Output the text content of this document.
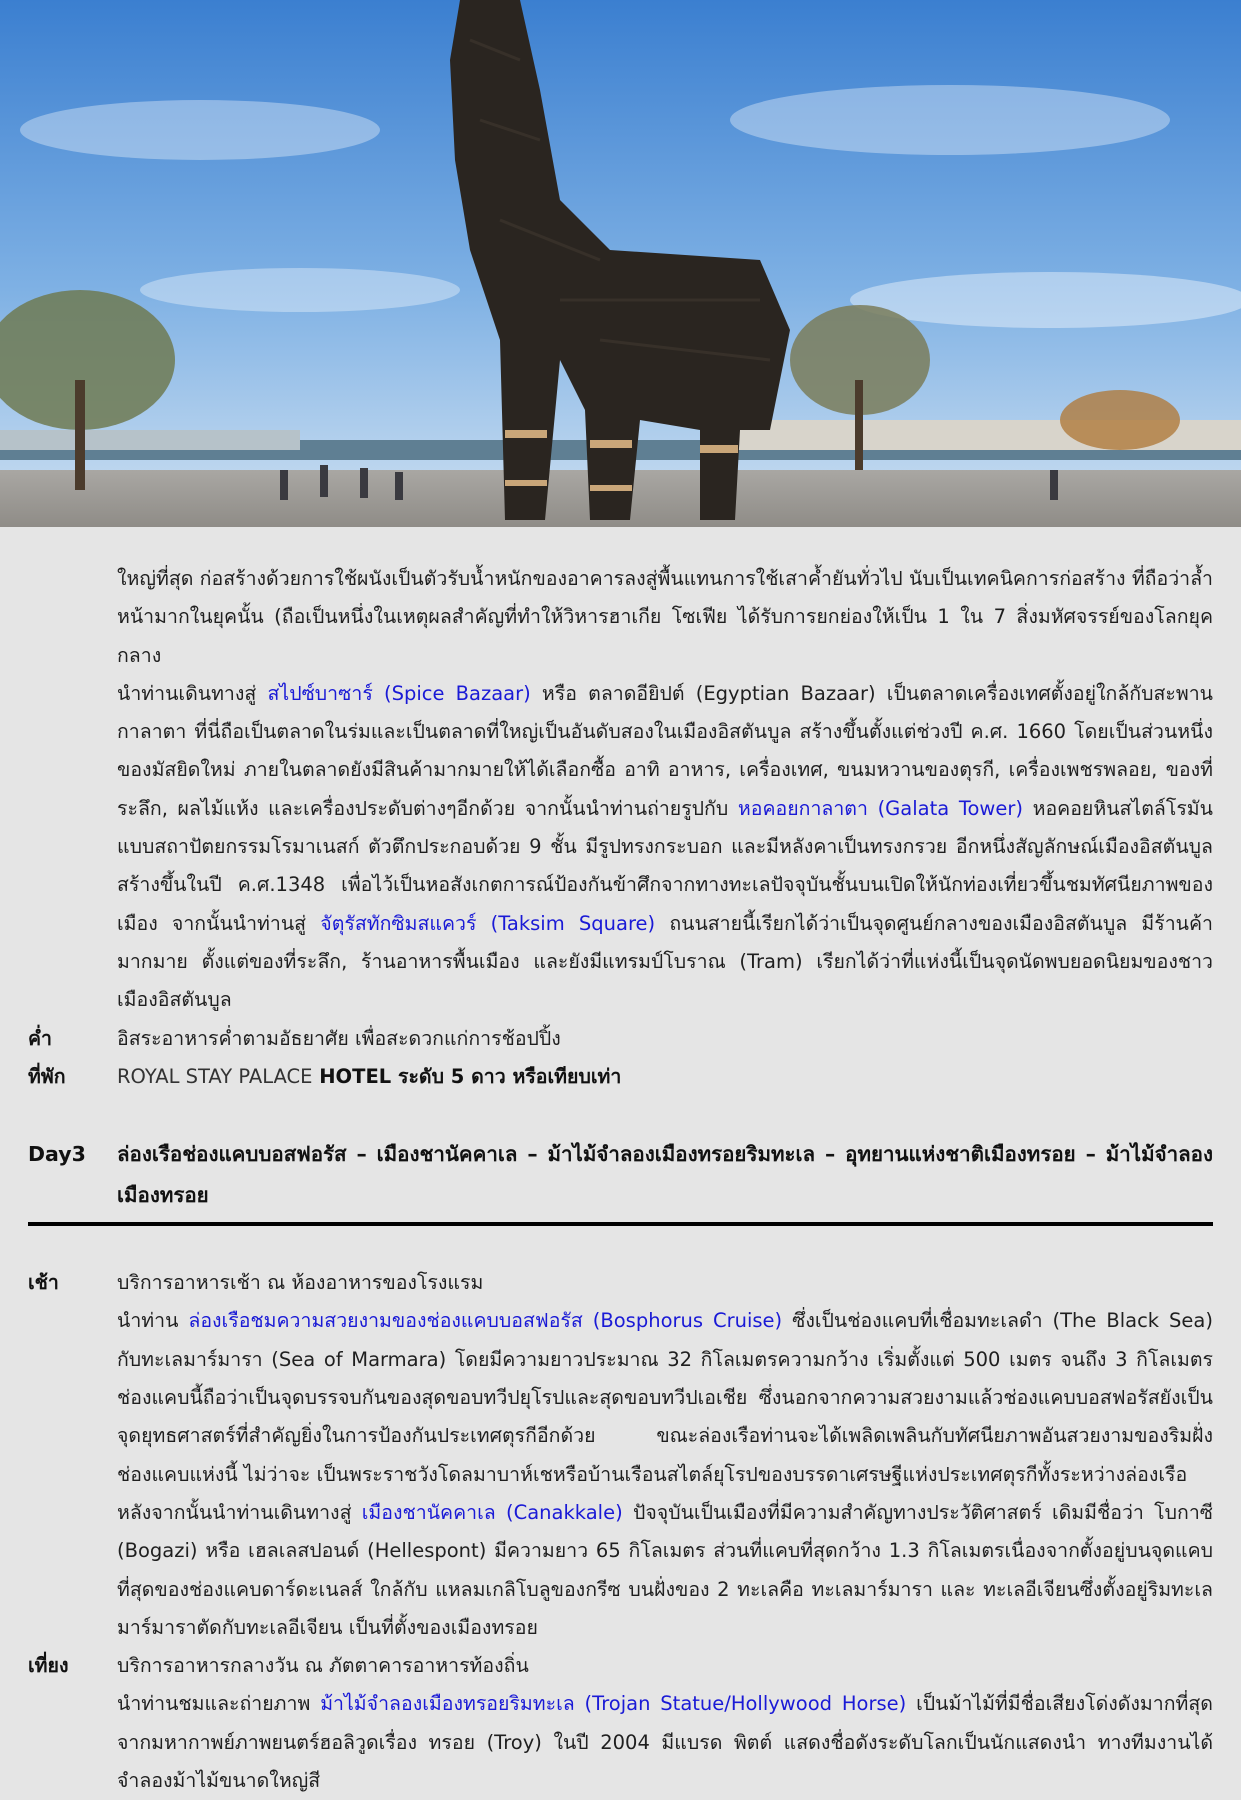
ใหญ่ที่สุด ก่อสร้างด้วยการใช้ผนังเป็นตัวรับน้ำหนักของอาคารลงสู่พื้นแทนการใช้เสาค้ำยันทั่วไป นับเป็นเทคนิคการก่อสร้าง ที่ถือว่าล้ำหน้ามากในยุคนั้น (ถือเป็นหนึ่งในเหตุผลสำคัญที่ทำให้วิหารฮาเกีย โซเฟีย ได้รับการยกย่องให้เป็น 1 ใน 7 สิ่งมหัศจรรย์ของโลกยุคกลาง
นำท่านเดินทางสู่ สไปซ์บาซาร์ (Spice Bazaar) หรือ ตลาดอียิปต์ (Egyptian Bazaar) เป็นตลาดเครื่องเทศตั้งอยู่ใกล้กับสะพานกาลาตา ที่นี่ถือเป็นตลาดในร่มและเป็นตลาดที่ใหญ่เป็นอันดับสองในเมืองอิสตันบูล สร้างขึ้นตั้งแต่ช่วงปี ค.ศ. 1660 โดยเป็นส่วนหนึ่งของมัสยิดใหม่ ภายในตลาดยังมีสินค้ามากมายให้ได้เลือกซื้อ อาทิ อาหาร, เครื่องเทศ, ขนมหวานของตุรกี, เครื่องเพชรพลอย, ของที่ระลึก, ผลไม้แห้ง และเครื่องประดับต่างๆอีกด้วย จากนั้นนำท่านถ่ายรูปกับ หอคอยกาลาตา (Galata Tower) หอคอยหินสไตล์โรมัน แบบสถาปัตยกรรมโรมาเนสก์ ตัวตึกประกอบด้วย 9 ชั้น มีรูปทรงกระบอก และมีหลังคาเป็นทรงกรวย อีกหนึ่งสัญลักษณ์เมืองอิสตันบูล สร้างขึ้นในปี ค.ศ.1348 เพื่อไว้เป็นหอสังเกตการณ์ป้องกันข้าศึกจากทางทะเลปัจจุบันชั้นบนเปิดให้นักท่องเที่ยวขึ้นชมทัศนียภาพของเมือง จากนั้นนำท่านสู่ จัตุรัสทักซิมสแควร์ (Taksim Square) ถนนสายนี้เรียกได้ว่าเป็นจุดศูนย์กลางของเมืองอิสตันบูล มีร้านค้ามากมาย ตั้งแต่ของที่ระลึก, ร้านอาหารพื้นเมือง และยังมีแทรมป์โบราณ (Tram) เรียกได้ว่าที่แห่งนี้เป็นจุดนัดพบยอดนิยมของชาวเมืองอิสตันบูล
ค่ำ	อิสระอาหารค่ำตามอัธยาศัย เพื่อสะดวกแก่การช้อปปิ้ง
ที่พัก	ROYAL STAY PALACE HOTEL ระดับ 5 ดาว หรือเทียบเท่า
Day3	ล่องเรือช่องแคบบอสฟอรัส – เมืองชานัคคาเล – ม้าไม้จำลองเมืองทรอยริมทะเล – อุทยานแห่งชาติเมืองทรอย – ม้าไม้จำลองเมืองทรอย
เช้า	บริการอาหารเช้า ณ ห้องอาหารของโรงแรม
นำท่าน ล่องเรือชมความสวยงามของช่องแคบบอสฟอรัส (Bosphorus Cruise) ซึ่งเป็นช่องแคบที่เชื่อมทะเลดำ (The Black Sea) กับทะเลมาร์มารา (Sea of Marmara) โดยมีความยาวประมาณ 32 กิโลเมตรความกว้าง เริ่มตั้งแต่ 500 เมตร จนถึง 3 กิโลเมตร ช่องแคบนี้ถือว่าเป็นจุดบรรจบกันของสุดขอบทวีปยุโรปและสุดขอบทวีปเอเชีย ซึ่งนอกจากความสวยงามแล้วช่องแคบบอสฟอรัสยังเป็นจุดยุทธศาสตร์ที่สำคัญยิ่งในการป้องกันประเทศตุรกีอีกด้วย ขณะล่องเรือท่านจะได้เพลิดเพลินกับทัศนียภาพอันสวยงามของริมฝั่งช่องแคบแห่งนี้ ไม่ว่าจะ เป็นพระราชวังโดลมาบาห์เชหรือบ้านเรือนสไตล์ยุโรปของบรรดาเศรษฐีแห่งประเทศตุรกีทั้งระหว่างล่องเรือ
หลังจากนั้นนำท่านเดินทางสู่ เมืองชานัคคาเล (Canakkale) ปัจจุบันเป็นเมืองที่มีความสำคัญทางประวัติศาสตร์ เดิมมีชื่อว่า โบกาซี (Bogazi) หรือ เฮลเลสปอนด์ (Hellespont) มีความยาว 65 กิโลเมตร ส่วนที่แคบที่สุดกว้าง 1.3 กิโลเมตรเนื่องจากตั้งอยู่บนจุดแคบที่สุดของช่องแคบดาร์ดะเนลส์ ใกล้กับ แหลมเกลิโบลูของกรีซ บนฝั่งของ 2 ทะเลคือ ทะเลมาร์มารา และ ทะเลอีเจียนซึ่งตั้งอยู่ริมทะเลมาร์มาราตัดกับทะเลอีเจียน เป็นที่ตั้งของเมืองทรอย
เที่ยง	บริการอาหารกลางวัน ณ ภัตตาคารอาหารท้องถิ่น
นำท่านชมและถ่ายภาพ ม้าไม้จำลองเมืองทรอยริมทะเล (Trojan Statue/Hollywood Horse) เป็นม้าไม้ที่มีชื่อเสียงโด่งดังมากที่สุดจากมหากาพย์ภาพยนตร์ฮอลิวูดเรื่อง ทรอย (Troy) ในปี 2004 มีแบรด พิตต์ แสดงชื่อดังระดับโลกเป็นนักแสดงนำ ทางทีมงานได้จำลองม้าไม้ขนาดใหญ่สี
